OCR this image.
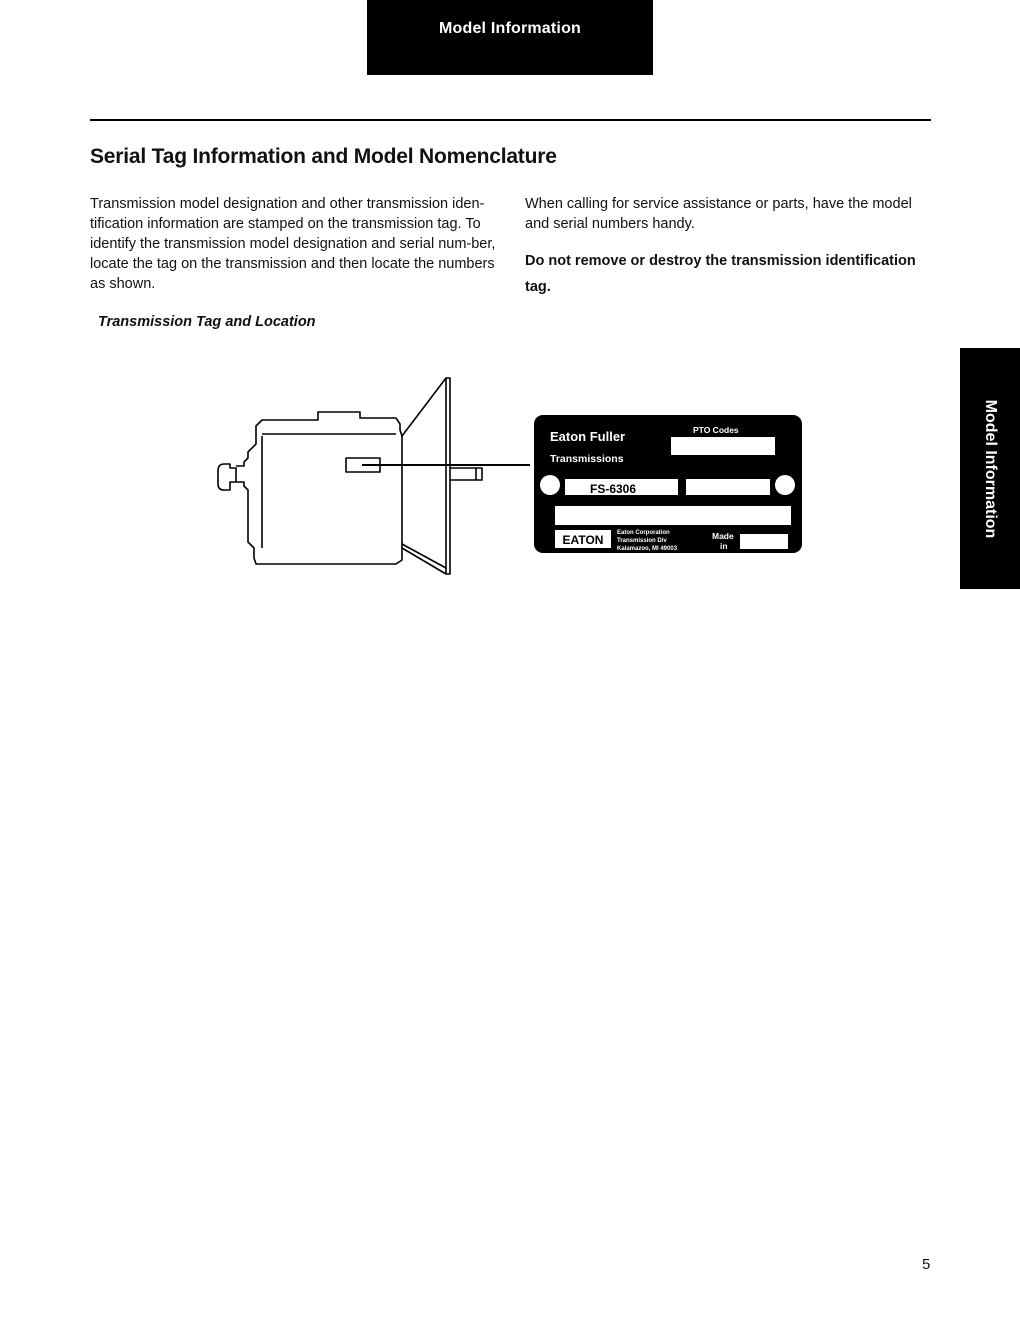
Model Information
Serial Tag Information and Model Nomenclature

Transmission model designation and other transmission iden-tification information are stamped on the transmission tag. To identify the transmission model designation and serial num-ber, locate the tag on the transmission and then locate the numbers as shown.

When calling for service assistance or parts, have the model and serial numbers handy.

Do not remove or destroy the transmission identification tag.

Transmission Tag and Location
Eaton Fuller
Transmissions
PTO Codes
FS-6306
EATON Eaton Corporation
Transmission Div
Kalamazoo, MI 49003
Made
in
Model Information
5
